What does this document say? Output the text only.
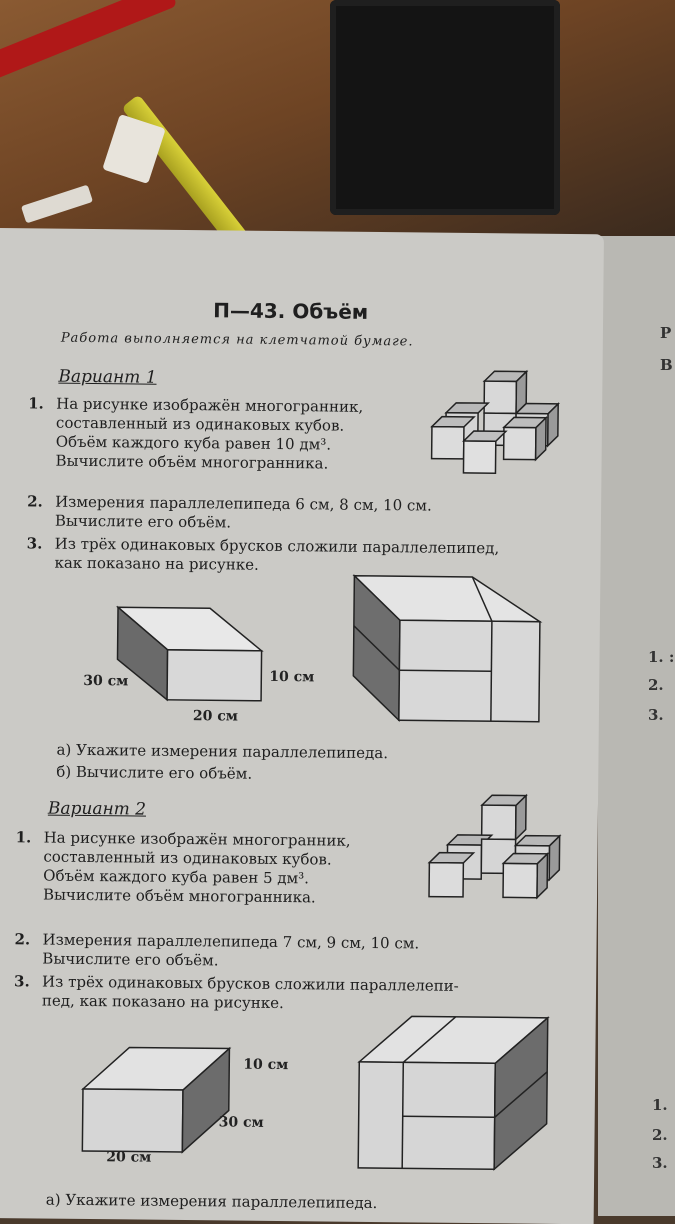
Р
В
1. :
2.
3.
1.
2.
3.
П—43. Объём
Работа выполняется на клетчатой бумаге.
Вариант 1
1. На рисунке изображён многогранник,
составленный из одинаковых кубов.
Объём каждого куба равен 10 дм³.
Вычислите объём многогранника.
2. Измерения параллелепипеда 6 см, 8 см, 10 см.
Вычислите его объём.
3. Из трёх одинаковых брусков сложили параллелепипед,
как показано на рисунке.
30 см	10 см
20 см
а) Укажите измерения параллелепипеда.
б) Вычислите его объём.
Вариант 2
1. На рисунке изображён многогранник,
составленный из одинаковых кубов.
Объём каждого куба равен 5 дм³.
Вычислите объём многогранника.
2. Измерения параллелепипеда 7 см, 9 см, 10 см.
Вычислите его объём.
3. Из трёх одинаковых брусков сложили параллелепи-
пед, как показано на рисунке.
10 см
30 см
20 см
а) Укажите измерения параллелепипеда.
